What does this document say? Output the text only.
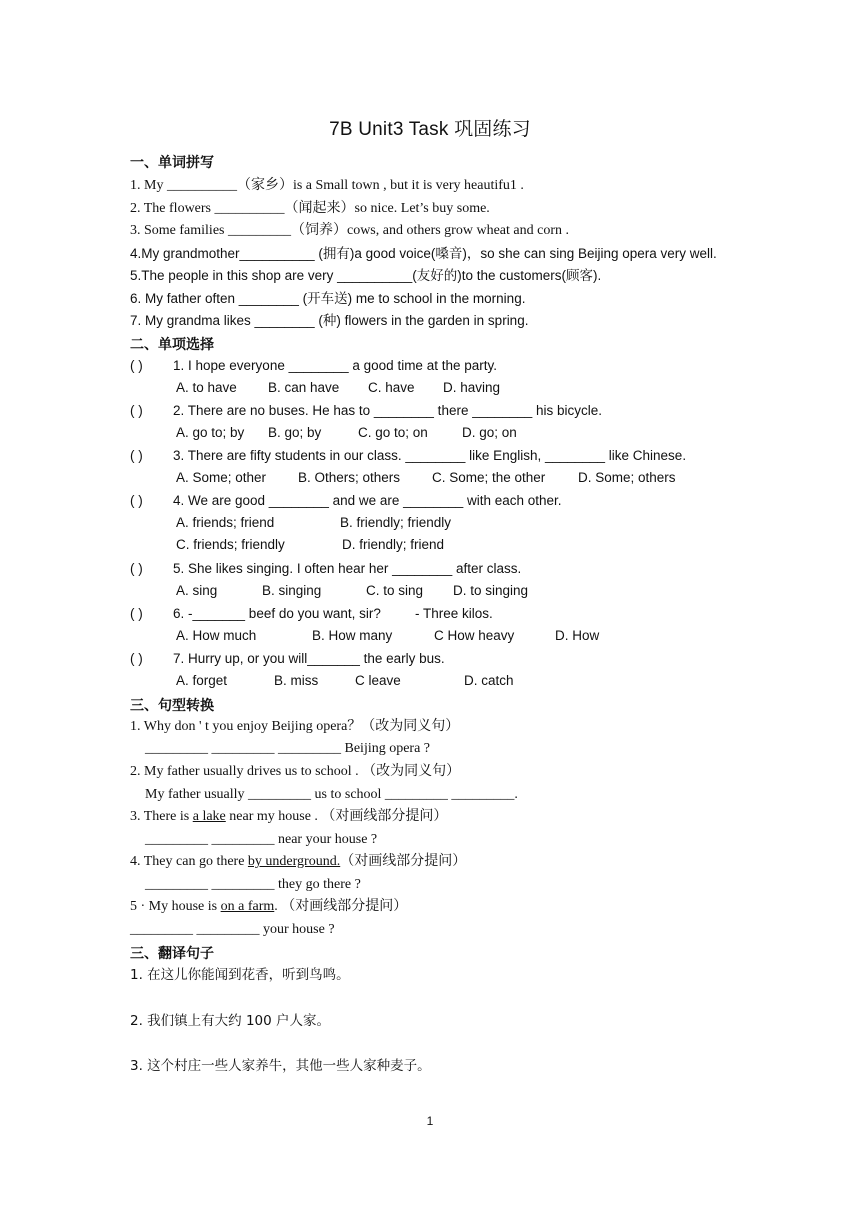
7B Unit3 Task 巩固练习
一、单词拼写
1. My __________（家乡）is a Small town , but it is very heautifu1 .
2. The flowers __________（闻起来）so nice. Let’s buy some.
3. Some families _________（饲养）cows, and others grow wheat and corn .
4.My grandmother__________ (拥有)a good voice(嗓音)，so she can sing Beijing opera very well.
5.The people in this shop are very __________(友好的)to the customers(顾客).
6. My father often ________ (开车送) me to school in the morning.
7. My grandma likes ________ (种) flowers in the garden in spring.
二、单项选择
( ) 1. I hope everyone ________ a good time at the party.
A. to have B. can have C. have D. having
( ) 2. There are no buses. He has to ________ there ________ his bicycle.
A. go to; by B. go; by	C. go to; on	D. go; on
( ) 3. There are fifty students in our class. ________ like English, ________ like Chinese.
A. Some; other B. Others; others C. Some; the other D. Some; others
( ) 4. We are good ________ and we are ________ with each other.
A. friends; friend	B. friendly; friendly
C. friends; friendly	D. friendly; friend
( ) 5. She likes singing. I often hear her ________ after class.
A. sing	B. singing	C. to sing D. to singing
( ) 6. -_______ beef do you want, sir?	- Three kilos.
A. How much	B. How many	C How heavy	D. How
( ) 7. Hurry up, or you will_______ the early bus.
A. forget	B. miss	C leave	D. catch
三、句型转换
1. Why don ' t you enjoy Beijing opera？（改为同义句）
_________ _________ _________ Beijing opera ?
2. My father usually drives us to school . （改为同义句）
My father usually _________ us to school _________ _________.
3. There is a lake near my house . （对画线部分提问）
_________ _________ near your house ?
4. They can go there by underground.（对画线部分提问）
_________ _________ they go there ?
5 · My house is on a farm. （对画线部分提问）
_________ _________ your house ?
三、翻译句子
1. 在这儿你能闻到花香，听到鸟鸣。
2. 我们镇上有大约 100 户人家。
3. 这个村庄一些人家养牛，其他一些人家种麦子。
1
